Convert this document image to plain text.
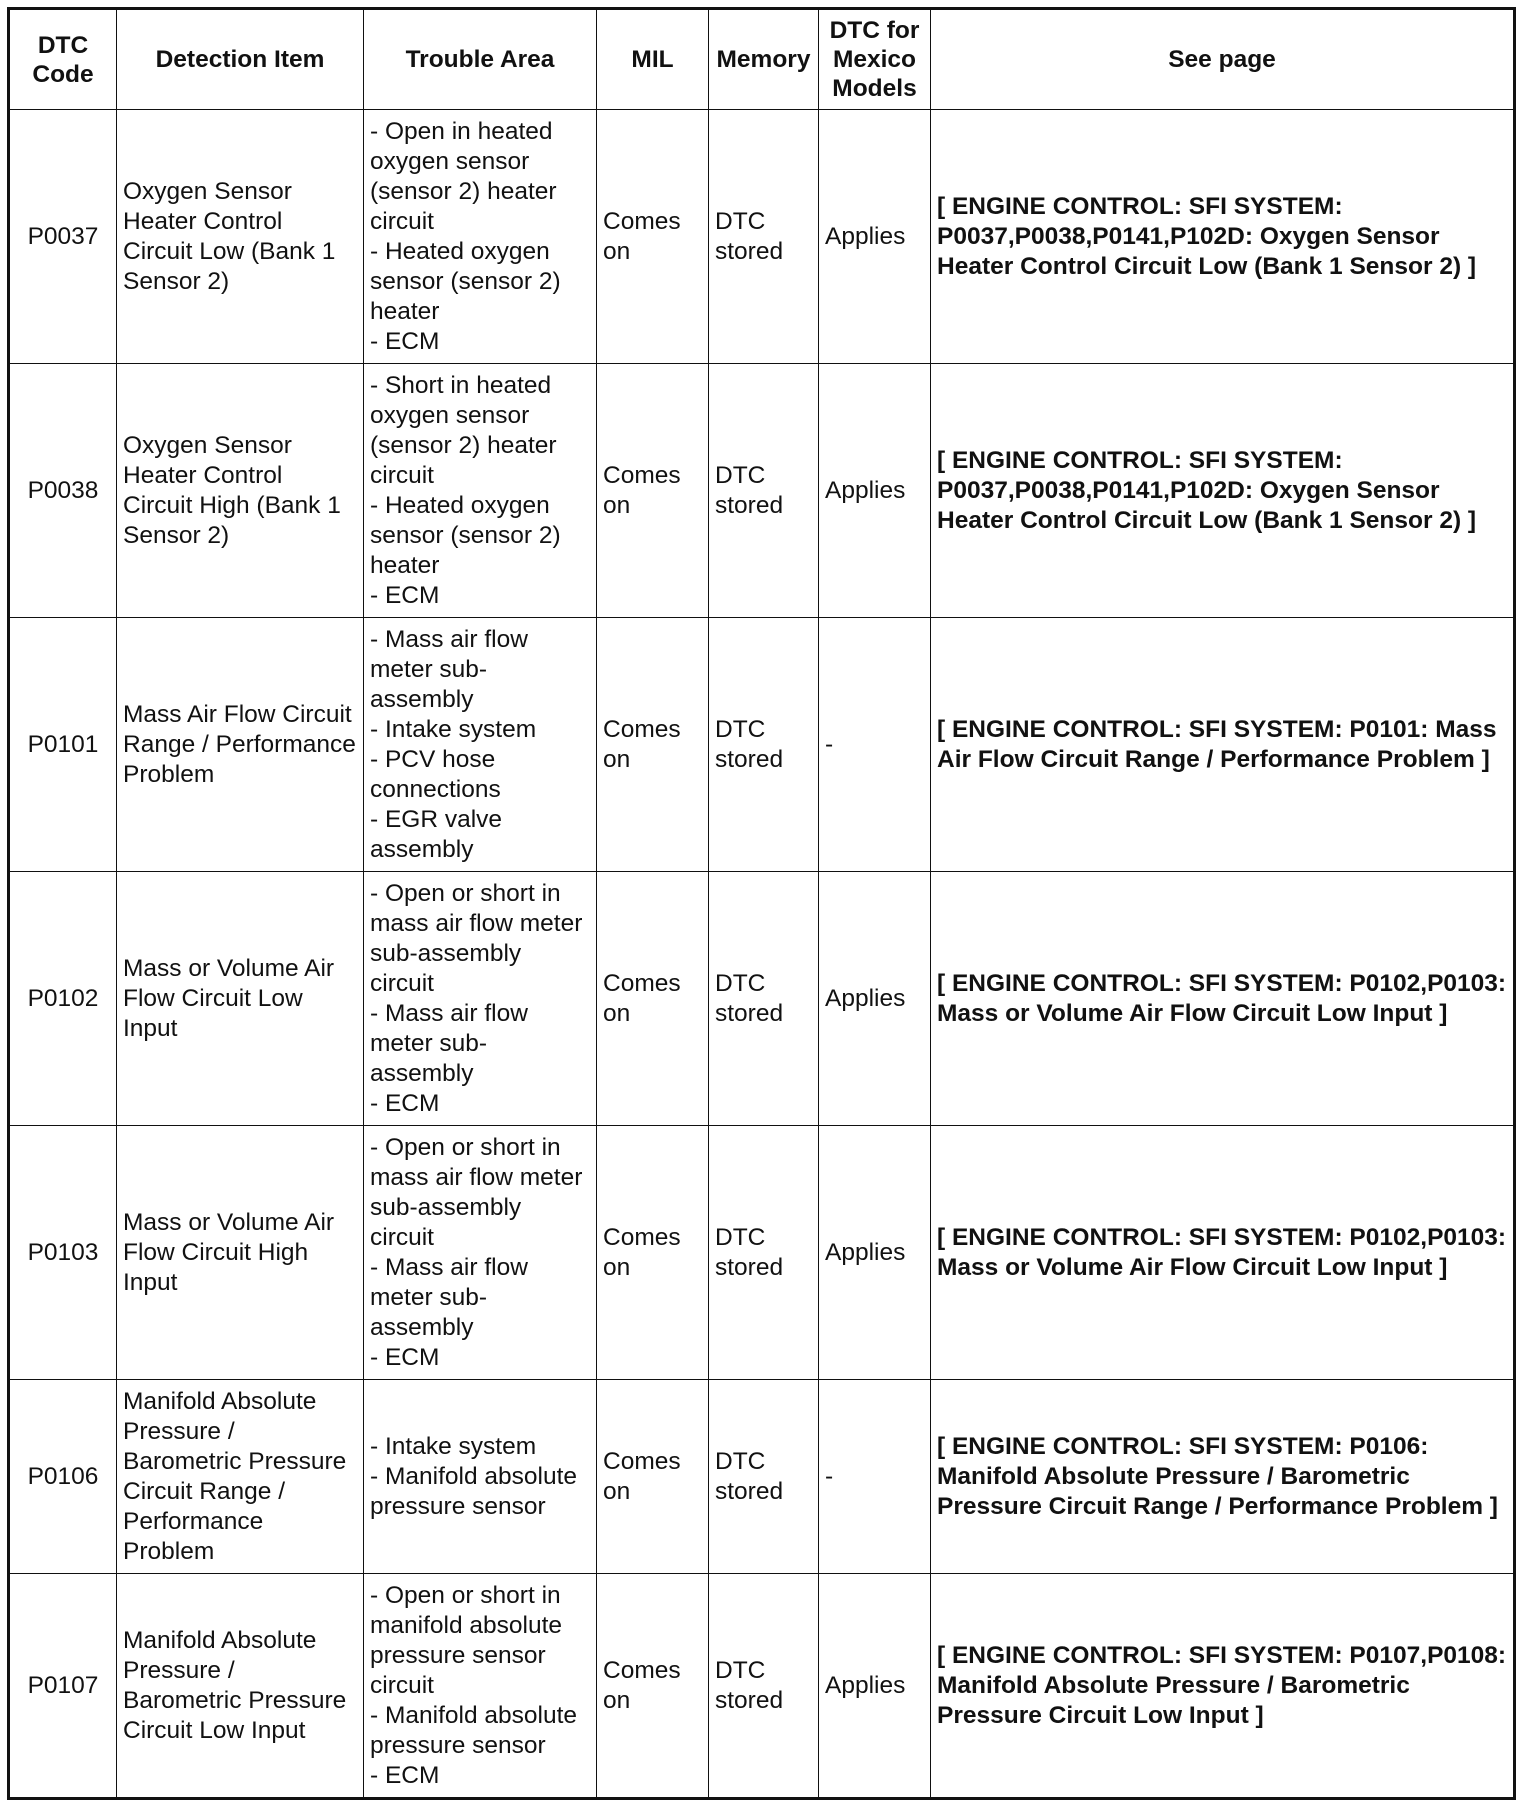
DTC Code	Detection Item	Trouble Area	MIL	Memory	DTC for Mexico Models	See page
P0037	Oxygen Sensor Heater Control Circuit Low (Bank 1 Sensor 2)	- Open in heated oxygen sensor (sensor 2) heater circuit
- Heated oxygen sensor (sensor 2) heater
- ECM	Comes on	DTC stored	Applies	[ ENGINE CONTROL: SFI SYSTEM: P0037,P0038,P0141,P102D: Oxygen Sensor Heater Control Circuit Low (Bank 1 Sensor 2) ]
P0038	Oxygen Sensor Heater Control Circuit High (Bank 1 Sensor 2)	- Short in heated oxygen sensor (sensor 2) heater circuit
- Heated oxygen sensor (sensor 2) heater
- ECM	Comes on	DTC stored	Applies	[ ENGINE CONTROL: SFI SYSTEM: P0037,P0038,P0141,P102D: Oxygen Sensor Heater Control Circuit Low (Bank 1 Sensor 2) ]
P0101	Mass Air Flow Circuit Range / Performance Problem	- Mass air flow meter sub-assembly
- Intake system
- PCV hose connections
- EGR valve assembly	Comes on	DTC stored	-	[ ENGINE CONTROL: SFI SYSTEM: P0101: Mass Air Flow Circuit Range / Performance Problem ]
P0102	Mass or Volume Air Flow Circuit Low Input	- Open or short in mass air flow meter sub-assembly circuit
- Mass air flow meter sub-assembly
- ECM	Comes on	DTC stored	Applies	[ ENGINE CONTROL: SFI SYSTEM: P0102,P0103: Mass or Volume Air Flow Circuit Low Input ]
P0103	Mass or Volume Air Flow Circuit High Input	- Open or short in mass air flow meter sub-assembly circuit
- Mass air flow meter sub-assembly
- ECM	Comes on	DTC stored	Applies	[ ENGINE CONTROL: SFI SYSTEM: P0102,P0103: Mass or Volume Air Flow Circuit Low Input ]
P0106	Manifold Absolute Pressure / Barometric Pressure Circuit Range / Performance Problem	- Intake system
- Manifold absolute pressure sensor	Comes on	DTC stored	-	[ ENGINE CONTROL: SFI SYSTEM: P0106: Manifold Absolute Pressure / Barometric Pressure Circuit Range / Performance Problem ]
P0107	Manifold Absolute Pressure / Barometric Pressure Circuit Low Input	- Open or short in manifold absolute pressure sensor circuit
- Manifold absolute pressure sensor
- ECM	Comes on	DTC stored	Applies	[ ENGINE CONTROL: SFI SYSTEM: P0107,P0108: Manifold Absolute Pressure / Barometric Pressure Circuit Low Input ]
